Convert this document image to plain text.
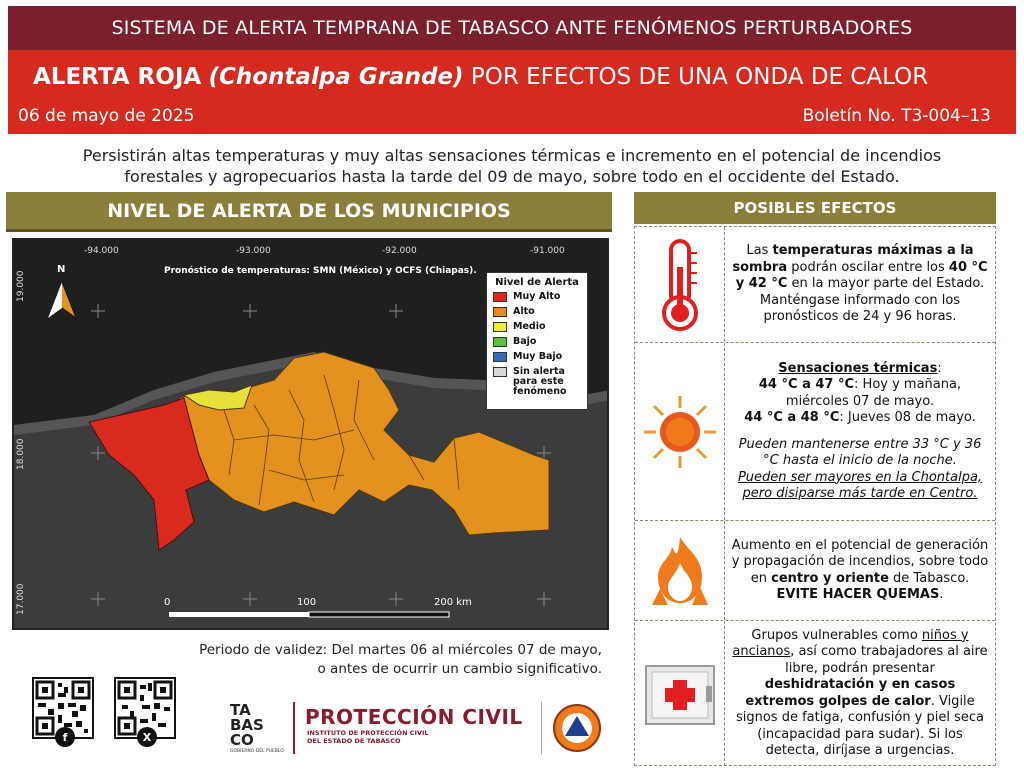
SISTEMA DE ALERTA TEMPRANA DE TABASCO ANTE FENÓMENOS PERTURBADORES
ALERTA ROJA (Chontalpa Grande) POR EFECTOS DE UNA ONDA DE CALOR
06 de mayo de 2025	Boletín No. T3-004–13
Persistirán altas temperaturas y muy altas sensaciones térmicas e incremento en el potencial de incendios
forestales y agropecuarios hasta la tarde del 09 de mayo, sobre todo en el occidente del Estado.
NIVEL DE ALERTA DE LOS MUNICIPIOS	POSIBLES EFECTOS
Pronóstico de temperaturas: SMN (México) y OCFS (Chiapas).
-94.000	-93.000	-92.000	-91.000
19.000
18.000
17.000	0	100	200 km
N
Nivel de Alerta
Muy Alto
Alto
Medio
Bajo
Muy Bajo
Sin alerta para este fenómeno
Periodo de validez: Del martes 06 al miércoles 07 de mayo,
o antes de ocurrir un cambio significativo.
Las temperaturas máximas a la sombra podrán oscilar entre los 40 °C y 42 °C en la mayor parte del Estado. Manténgase informado con los pronósticos de 24 y 96 horas.
Sensaciones térmicas:
44 °C a 47 °C: Hoy y mañana, miércoles 07 de mayo.
44 °C a 48 °C: Jueves 08 de mayo.
Pueden mantenerse entre 33 °C y 36 °C hasta el inicio de la noche.
Pueden ser mayores en la Chontalpa, pero disiparse más tarde en Centro.
Aumento en el potencial de generación y propagación de incendios, sobre todo en centro y oriente de Tabasco.
EVITE HACER QUEMAS.
Grupos vulnerables como niños y ancianos, así como trabajadores al aire libre, podrán presentar deshidratación y en casos extremos golpes de calor. Vigile signos de fatiga, confusión y piel seca (incapacidad para sudar). Si los detecta, diríjase a urgencias.
f	X
TA
BAS
CO
GOBIERNO DEL PUEBLO
PROTECCIÓN CIVIL
INSTITUTO DE PROTECCIÓN CIVIL
DEL ESTADO DE TABASCO
